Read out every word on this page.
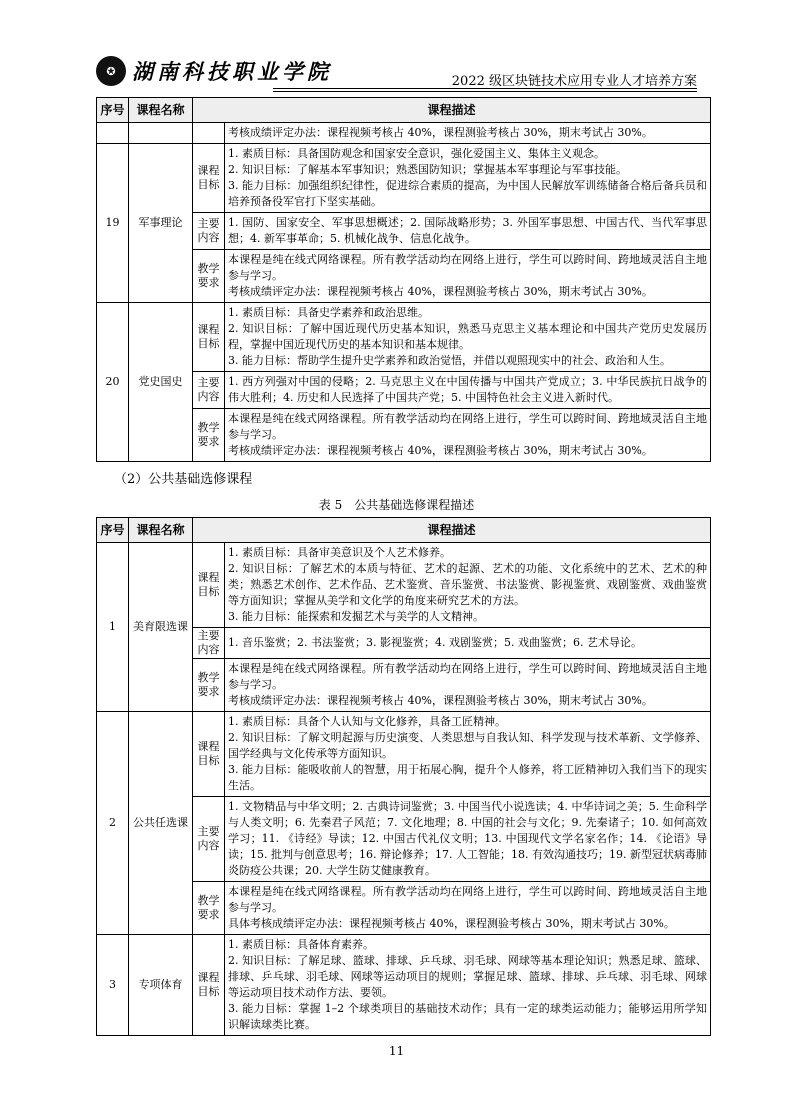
✪ 湖南科技职业学院	2022 级区块链技术应用专业人才培养方案
序号	课程名称	课程描述	
			考核成绩评定办法：课程视频考核占 40%，课程测验考核占 30%，期末考试占 30%。
19	军事理论	课程目标	1. 素质目标：具备国防观念和国家安全意识，强化爱国主义、集体主义观念。
2. 知识目标：了解基本军事知识；熟悉国防知识；掌握基本军事理论与军事技能。
3. 能力目标：加强组织纪律性，促进综合素质的提高，为中国人民解放军训练储备合格后备兵员和培养预备役军官打下坚实基础。

		主要内容	1. 国防、国家安全、军事思想概述；2. 国际战略形势；3. 外国军事思想、中国古代、当代军事思想；4. 新军事革命；5. 机械化战争、信息化战争。

		教学要求	本课程是纯在线式网络课程。所有教学活动均在网络上进行，学生可以跨时间、跨地域灵活自主地参与学习。
考核成绩评定办法：课程视频考核占 40%，课程测验考核占 30%，期末考试占 30%。

20	党史国史	课程目标	1. 素质目标：具备史学素养和政治思维。
2. 知识目标：了解中国近现代历史基本知识，熟悉马克思主义基本理论和中国共产党历史发展历程，掌握中国近现代历史的基本知识和基本规律。
3. 能力目标：帮助学生提升史学素养和政治觉悟，并借以观照现实中的社会、政治和人生。

		主要内容	1. 西方列强对中国的侵略；2. 马克思主义在中国传播与中国共产党成立；3. 中华民族抗日战争的伟大胜利；4. 历史和人民选择了中国共产党；5. 中国特色社会主义进入新时代。

		教学要求	本课程是纯在线式网络课程。所有教学活动均在网络上进行，学生可以跨时间、跨地域灵活自主地参与学习。
考核成绩评定办法：课程视频考核占 40%，课程测验考核占 30%，期末考试占 30%。
（2）公共基础选修课程
表 5　公共基础选修课程描述
序号	课程名称	课程描述	
1	美育限选课	课程目标	1. 素质目标：具备审美意识及个人艺术修养。
2. 知识目标：了解艺术的本质与特征、艺术的起源、艺术的功能、文化系统中的艺术、艺术的种类；熟悉艺术创作、艺术作品、艺术鉴赏、音乐鉴赏、书法鉴赏、影视鉴赏、戏剧鉴赏、戏曲鉴赏等方面知识；掌握从美学和文化学的角度来研究艺术的方法。
3. 能力目标：能探索和发掘艺术与美学的人文精神。

		主要内容	1. 音乐鉴赏；2. 书法鉴赏；3. 影视鉴赏；4. 戏剧鉴赏；5. 戏曲鉴赏；6. 艺术导论。

		教学要求	本课程是纯在线式网络课程。所有教学活动均在网络上进行，学生可以跨时间、跨地域灵活自主地参与学习。
考核成绩评定办法：课程视频考核占 40%，课程测验考核占 30%，期末考试占 30%。

2	公共任选课	课程目标	1. 素质目标：具备个人认知与文化修养，具备工匠精神。
2. 知识目标：了解文明起源与历史演变、人类思想与自我认知、科学发现与技术革新、文学修养、国学经典与文化传承等方面知识。
3. 能力目标：能吸收前人的智慧，用于拓展心胸，提升个人修养，将工匠精神切入我们当下的现实生活。

		主要内容	1. 文物精品与中华文明；2. 古典诗词鉴赏；3. 中国当代小说选读；4. 中华诗词之美；5. 生命科学与人类文明；6. 先秦君子风范；7. 文化地理；8. 中国的社会与文化；9. 先秦诸子；10. 如何高效学习；11. 《诗经》导读；12. 中国古代礼仪文明；13. 中国现代文学名家名作；14. 《论语》导读；15. 批判与创意思考；16. 辩论修养；17. 人工智能；18. 有效沟通技巧；19. 新型冠状病毒肺炎防疫公共课；20. 大学生防艾健康教育。

		教学要求	本课程是纯在线式网络课程。所有教学活动均在网络上进行，学生可以跨时间、跨地域灵活自主地参与学习。
具体考核成绩评定办法：课程视频考核占 40%，课程测验考核占 30%，期末考试占 30%。

3	专项体育	课程目标	1. 素质目标：具备体育素养。
2. 知识目标：了解足球、篮球、排球、乒乓球、羽毛球、网球等基本理论知识；熟悉足球、篮球、排球、乒乓球、羽毛球、网球等运动项目的规则；掌握足球、篮球、排球、乒乓球、羽毛球、网球等运动项目技术动作方法、要领。
3. 能力目标：掌握 1–2 个球类项目的基础技术动作；具有一定的球类运动能力；能够运用所学知识解读球类比赛。
11
